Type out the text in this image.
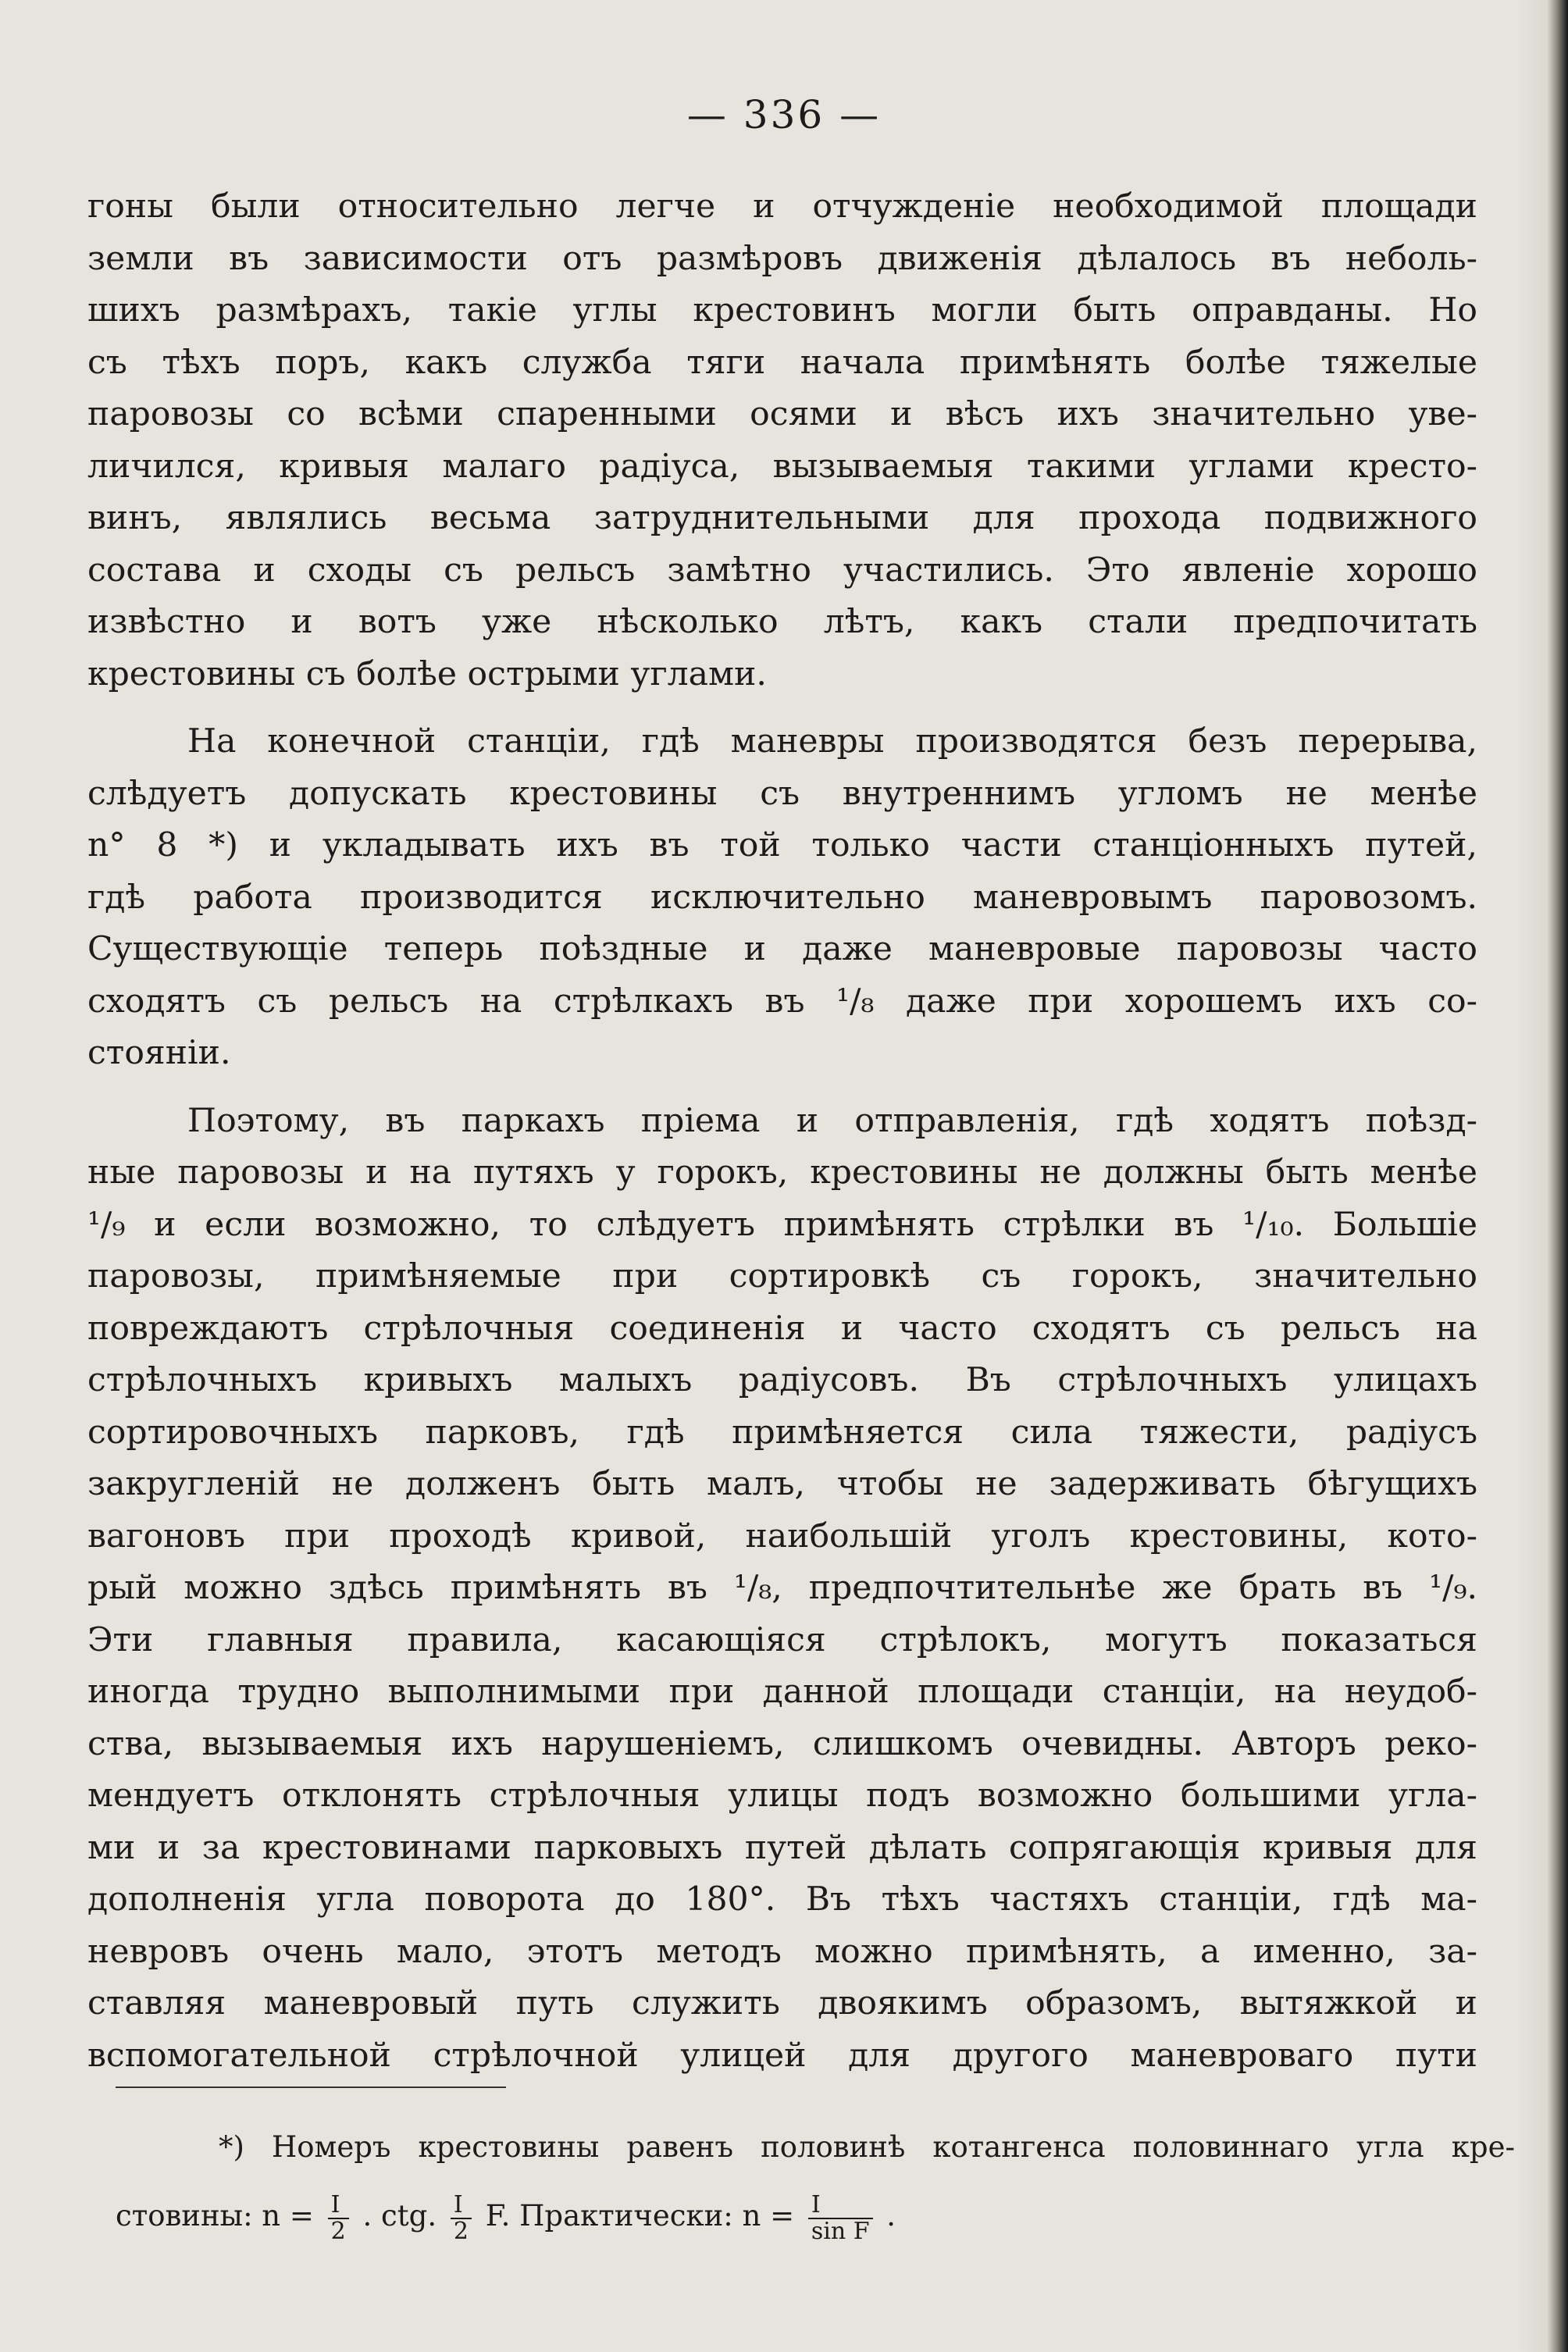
— 336 —
гоны были относительно легче и отчужденіе необходимой площади
земли въ зависимости отъ размѣровъ движенія дѣлалось въ неболь-
шихъ размѣрахъ, такіе углы крестовинъ могли быть оправданы. Но
съ тѣхъ поръ, какъ служба тяги начала примѣнять болѣе тяжелые
паровозы со всѣми спаренными осями и вѣсъ ихъ значительно уве-
личился, кривыя малаго радіуса, вызываемыя такими углами кресто-
винъ, являлись весьма затруднительными для прохода подвижного
состава и сходы съ рельсъ замѣтно участились. Это явленіе хорошо
извѣстно и вотъ уже нѣсколько лѣтъ, какъ стали предпочитать
крестовины съ болѣе острыми углами.
На конечной станціи, гдѣ маневры производятся безъ перерыва,
слѣдуетъ допускать крестовины съ внутреннимъ угломъ не менѣе
n° 8 *) и укладывать ихъ въ той только части станціонныхъ путей,
гдѣ работа производится исключительно маневровымъ паровозомъ.
Существующіе теперь поѣздные и даже маневровые паровозы часто
сходятъ съ рельсъ на стрѣлкахъ въ ¹/₈ даже при хорошемъ ихъ со-
стояніи.
Поэтому, въ паркахъ пріема и отправленія, гдѣ ходятъ поѣзд-
ные паровозы и на путяхъ у горокъ, крестовины не должны быть менѣе
¹/₉ и если возможно, то слѣдуетъ примѣнять стрѣлки въ ¹/₁₀. Большіе
паровозы, примѣняемые при сортировкѣ съ горокъ, значительно
повреждаютъ стрѣлочныя соединенія и часто сходятъ съ рельсъ на
стрѣлочныхъ кривыхъ малыхъ радіусовъ. Въ стрѣлочныхъ улицахъ
сортировочныхъ парковъ, гдѣ примѣняется сила тяжести, радіусъ
закругленій не долженъ быть малъ, чтобы не задерживать бѣгущихъ
вагоновъ при проходѣ кривой, наибольшій уголъ крестовины, кото-
рый можно здѣсь примѣнять въ ¹/₈, предпочтительнѣе же брать въ ¹/₉.
Эти главныя правила, касающіяся стрѣлокъ, могутъ показаться
иногда трудно выполнимыми при данной площади станціи, на неудоб-
ства, вызываемыя ихъ нарушеніемъ, слишкомъ очевидны. Авторъ реко-
мендуетъ отклонять стрѣлочныя улицы подъ возможно большими угла-
ми и за крестовинами парковыхъ путей дѣлать сопрягающія кривыя для
дополненія угла поворота до 180°. Въ тѣхъ частяхъ станціи, гдѣ ма-
невровъ очень мало, этотъ методъ можно примѣнять, а именно, за-
ставляя маневровый путь служить двоякимъ образомъ, вытяжкой и
вспомогательной стрѣлочной улицей для другого маневроваго пути
*) Номеръ крестовины равенъ половинѣ котангенса половиннаго угла кре-
стовины: $n = \frac{I}{2}$ . ctg. $\frac{I}{2} F$. Практически: $n = \frac{I}{\text{sin F}}$ .
